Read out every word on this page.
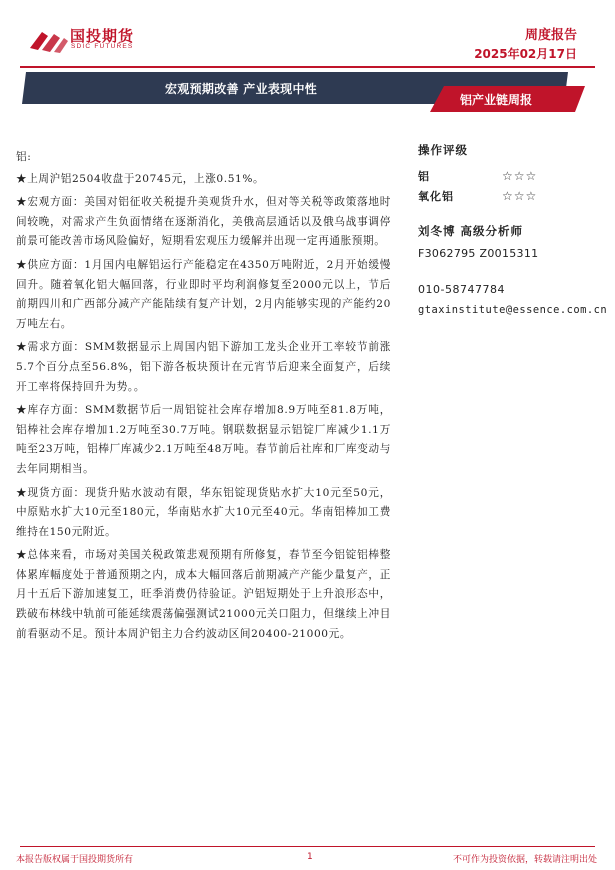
国投期货
SDIC FUTURES
周度报告
2025年02月17日
宏观预期改善 产业表现中性
铝产业链周报

铝:

★上周沪铝2504收盘于20745元，上涨0.51%。

★宏观方面：美国对铝征收关税提升美观货升水，但对等关税等政策落地时间较晚，对需求产生负面情绪在逐渐消化，美俄高层通话以及俄乌战事调停前景可能改善市场风险偏好，短期看宏观压力缓解并出现一定再通胀预期。

★供应方面：1月国内电解铝运行产能稳定在4350万吨附近，2月开始缓慢回升。随着氧化铝大幅回落，行业即时平均利润修复至2000元以上，节后前期四川和广西部分减产产能陆续有复产计划，2月内能够实现的产能约20万吨左右。

★需求方面：SMM数据显示上周国内铝下游加工龙头企业开工率较节前涨5.7个百分点至56.8%，铝下游各板块预计在元宵节后迎来全面复产，后续开工率将保持回升为势。。

★库存方面：SMM数据节后一周铝锭社会库存增加8.9万吨至81.8万吨，铝棒社会库存增加1.2万吨至30.7万吨。钢联数据显示铝锭厂库减少1.1万吨至23万吨，铝棒厂库减少2.1万吨至48万吨。春节前后社库和厂库变动与去年同期相当。

★现货方面：现货升贴水波动有限，华东铝锭现货贴水扩大10元至50元，中原贴水扩大10元至180元，华南贴水扩大10元至40元。华南铝棒加工费维持在150元附近。

★总体来看，市场对美国关税政策悲观预期有所修复，春节至今铝锭铝棒整体累库幅度处于普通预期之内，成本大幅回落后前期减产产能少量复产，正月十五后下游加速复工，旺季消费仍待验证。沪铝短期处于上升浪形态中，跌破布林线中轨前可能延续震荡偏强测试21000元关口阻力，但继续上冲目前看驱动不足。预计本周沪铝主力合约波动区间20400-21000元。

操作评级
铝	☆☆☆
氧化铝	☆☆☆
刘冬博 高级分析师
F3062795 Z0015311
010-58747784
gtaxinstitute@essence.com.cn
本报告版权属于国投期货所有	1	不可作为投资依据，转载请注明出处
